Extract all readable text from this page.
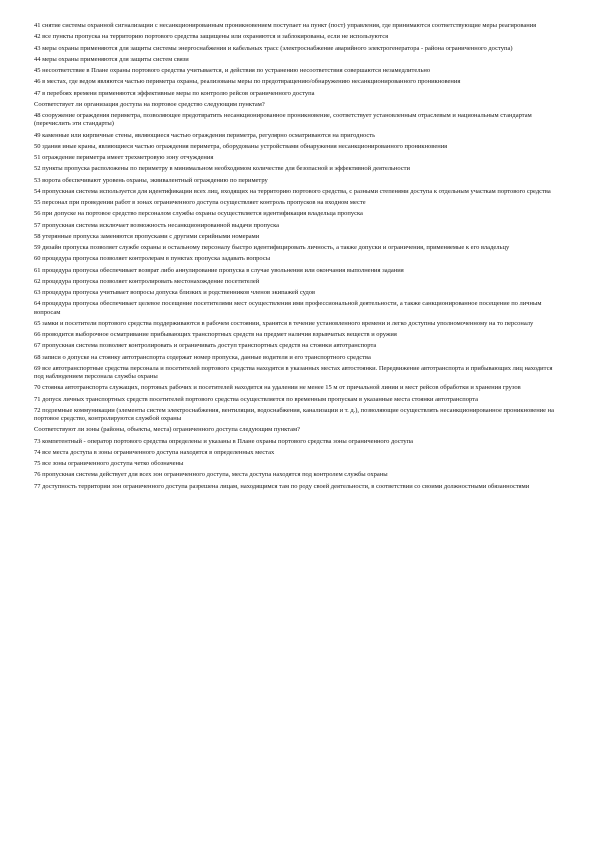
41 снятие системы охранной сигнализации с несанкционированным проникновением поступает на пункт (пост) управления, где принимаются соответствующие меры реагирования

42 все пункты пропуска на территорию портового средства защищены или охраняются и заблокированы, если не используются

43 меры охраны применяются для защиты системы энергоснабжения и кабельных трасс (электроснабжение аварийного электрогенератора - района ограниченного доступа)

44 меры охраны применяются для защиты систем связи

45 несоответствие в Плане охраны портового средства учитывается, и действия по устранению несоответствия совершаются незамедлительно

46 в местах, где ведом являются частью периметра охраны, реализованы меры по предотвращению/обнаружению несанкционированного проникновения

47 в перебоях времени применяются эффективные меры по контролю рейсов ограниченного доступа

Соответствует ли организация доступа на портовое средство следующим пунктам?

48 сооружение ограждения периметра, позволяющее предотвратить несанкционированное проникновение, соответствует установленным отраслевым и национальным стандартам (перечислить эти стандарты)

49 каменные или кирпичные стены, являющиеся частью ограждения периметра, регулярно осматриваются на пригодность

50 здания иные краны, являющиеся частью ограждения периметра, оборудованы устройствами обнаружения несанкционированного проникновения

51 ограждение периметра имеет трехметровую зону отчуждения

52 пункты пропуска расположены по периметру в минимальном необходимом количестве для безопасной и эффективной деятельности

53 ворота обеспечивают уровень охраны, эквивалентный ограждению по периметру

54 пропускная система используется для идентификации всех лиц, входящих на территорию портового средства, с разными степенями доступа к отдельным участкам портового средства

55 персонал при проведении работ в зонах ограниченного доступа осуществляет контроль пропусков на входном месте

56 при допуске на портовое средство персоналом службы охраны осуществляется идентификация владельца пропуска

57 пропускная система исключает возможность несанкционированной выдачи пропуска

58 утерянные пропуска заменяются пропусками с другими серийными номерами

59 дизайн пропуска позволяет службе охраны и остальному персоналу быстро идентифицировать личность, а также допуски и ограничения, применяемые к его владельцу

60 процедура пропуска позволяет контролерам в пунктах пропуска задавать вопросы

61 процедура пропуска обеспечивает возврат либо аннулирование пропуска в случае увольнения или окончания выполнения задания

62 процедура пропуска позволяет контролировать местонахождение посетителей

63 процедура пропуска учитывает вопросы допуска близких и родственников членов экипажей судов

64 процедура пропуска обеспечивает целевое посещение посетителями мест осуществления ими профессиональной деятельности, а также санкционированное посещение по личным вопросам

65 замки и посетители портового средства поддерживаются в рабочем состоянии, хранятся в течение установленного времени и легко доступны уполномоченному на то персоналу

66 проводится выборочное осматривание прибывающих транспортных средств на предмет наличия взрывчатых веществ и оружия

67 пропускная система позволяет контролировать и ограничивать доступ транспортных средств на стоянки автотранспорта

68 записи о допуске на стоянку автотранспорта содержат номер пропуска, данные водителя и его транспортного средства

69 все автотранспортные средства персонала и посетителей портового средства находятся в указанных местах автостоянки. Передвижение автотранспорта и прибывающих лиц находится под наблюдением персонала службы охраны

70 стоянка автотранспорта служащих, портовых рабочих и посетителей находится на удалении не менее 15 м от причальной линии и мест рейсов обработки и хранения грузов

71 допуск личных транспортных средств посетителей портового средства осуществляется по временным пропускам в указанные места стоянки автотранспорта

72 подземные коммуникации (элементы систем электроснабжения, вентиляции, водоснабжения, канализации и т. д.), позволяющие осуществлять несанкционированное проникновение на портовое средство, контролируются службой охраны

Соответствуют ли зоны (районы, объекты, места) ограниченного доступа следующим пунктам?

73 компетентный - оператор портового средства определены и указаны в Плане охраны портового средства зоны ограниченного доступа

74 все места доступа в зоны ограниченного доступа находятся в определенных местах

75 все зоны ограниченного доступа четко обозначены

76 пропускная система действует для всех зон ограниченного доступа, места доступа находятся под контролем службы охраны

77 доступность территории зон ограниченного доступа разрешена лицам, находящимся там по роду своей деятельности, в соответствии со своими должностными обязанностями
